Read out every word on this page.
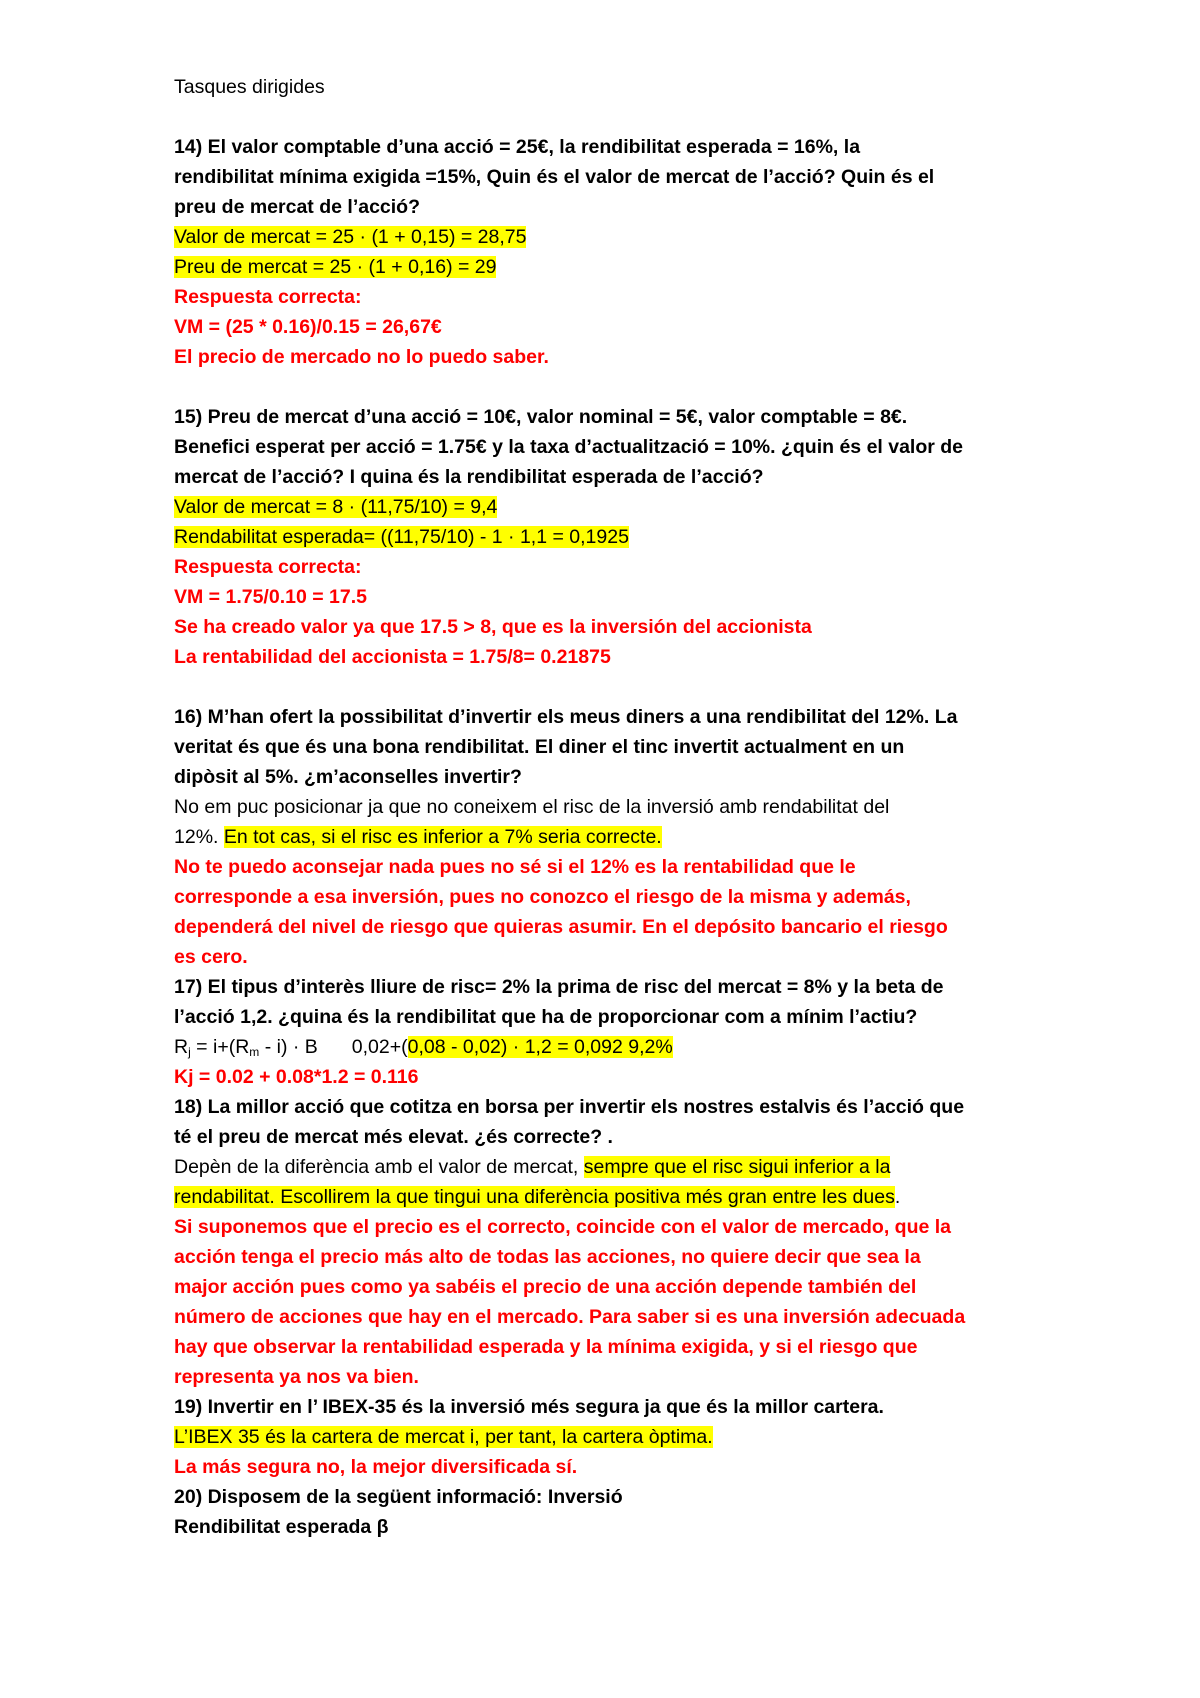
Tasques dirigides
14) El valor comptable d’una acció = 25€, la rendibilitat esperada = 16%, la
rendibilitat mínima exigida =15%, Quin és el valor de mercat de l’acció? Quin és el
preu de mercat de l’acció?
Valor de mercat = 25 · (1 + 0,15) = 28,75
Preu de mercat = 25 · (1 + 0,16) = 29
Respuesta correcta:
VM = (25 * 0.16)/0.15 = 26,67€
El precio de mercado no lo puedo saber.
15) Preu de mercat d’una acció = 10€, valor nominal = 5€, valor comptable = 8€.
Benefici esperat per acció = 1.75€ y la taxa d’actualització = 10%. ¿quin és el valor de
mercat de l’acció? I quina és la rendibilitat esperada de l’acció?
Valor de mercat = 8 · (11,75/10) = 9,4
Rendabilitat esperada= ((11,75/10) - 1 · 1,1 = 0,1925
Respuesta correcta:
VM = 1.75/0.10 = 17.5
Se ha creado valor ya que 17.5 > 8, que es la inversión del accionista
La rentabilidad del accionista = 1.75/8= 0.21875
16) M’han ofert la possibilitat d’invertir els meus diners a una rendibilitat del 12%. La
veritat és que és una bona rendibilitat. El diner el tinc invertit actualment en un
dipòsit al 5%. ¿m’aconselles invertir?
No em puc posicionar ja que no coneixem el risc de la inversió amb rendabilitat del
12%. En tot cas, si el risc es inferior a 7% seria correcte.
No te puedo aconsejar nada pues no sé si el 12% es la rentabilidad que le
corresponde a esa inversión, pues no conozco el riesgo de la misma y además,
dependerá del nivel de riesgo que quieras asumir. En el depósito bancario el riesgo
es cero.
17) El tipus d’interès lliure de risc= 2% la prima de risc del mercat = 8% y la beta de
l’acció 1,2. ¿quina és la rendibilitat que ha de proporcionar com a mínim l’actiu?
$R_j = i+(R_m - i) \cdot B$ 0,02+(0,08 - 0,02) · 1,2 = 0,092 9,2%
Kj = 0.02 + 0.08*1.2 = 0.116
18) La millor acció que cotitza en borsa per invertir els nostres estalvis és l’acció que
té el preu de mercat més elevat. ¿és correcte? .
Depèn de la diferència amb el valor de mercat, sempre que el risc sigui inferior a la
rendabilitat. Escollirem la que tingui una diferència positiva més gran entre les dues.
Si suponemos que el precio es el correcto, coincide con el valor de mercado, que la
acción tenga el precio más alto de todas las acciones, no quiere decir que sea la
major acción pues como ya sabéis el precio de una acción depende también del
número de acciones que hay en el mercado. Para saber si es una inversión adecuada
hay que observar la rentabilidad esperada y la mínima exigida, y si el riesgo que
representa ya nos va bien.
19) Invertir en l’ IBEX-35 és la inversió més segura ja que és la millor cartera.
L’IBEX 35 és la cartera de mercat i, per tant, la cartera òptima.
La más segura no, la mejor diversificada sí.
20) Disposem de la següent informació: Inversió
Rendibilitat esperada β
